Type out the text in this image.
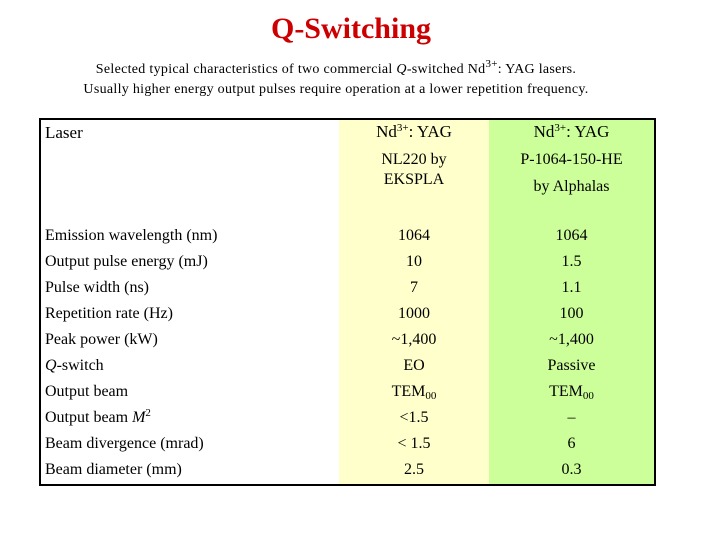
Q-Switching
Selected typical characteristics of two commercial Q-switched $Nd^{3+}$: YAG lasers.
Usually higher energy output pulses require operation at a lower repetition frequency.
Laser
Emission wavelength (nm)
Output pulse energy (mJ)
Pulse width (ns)
Repetition rate (Hz)
Peak power (kW)
Q-switch
Output beam
Output beam $M^2$
Beam divergence (mrad)
Beam diameter (mm)
$Nd^{3+}$: YAG
NL220 by
EKSPLA
1064
10
7
1000
~1,400
EO
$TEM_{00}$
<1.5
< 1.5
2.5
$Nd^{3+}$: YAG
P-1064-150-HE
by Alphalas
1064
1.5
1.1
100
~1,400
Passive
$TEM_{00}$
–
6
0.3
